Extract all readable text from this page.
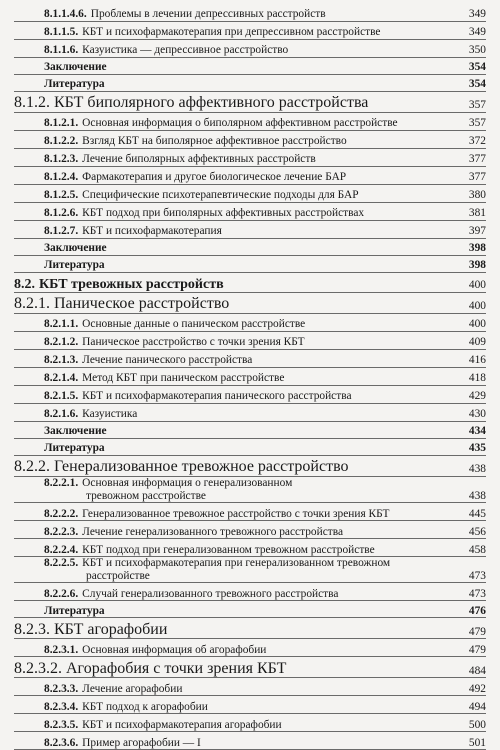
8.1.1.4.6. Проблемы в лечении депрессивных расстройств	349
8.1.1.5. КБТ и психофармакотерапия при депрессивном расстройстве	349
8.1.1.6. Казуистика — депрессивное расстройство	350
Заключение	354
Литература	354
8.1.2. КБТ биполярного аффективного расстройства	357
8.1.2.1. Основная информация о биполярном аффективном расстройстве	357
8.1.2.2. Взгляд КБТ на биполярное аффективное расстройство	372
8.1.2.3. Лечение биполярных аффективных расстройств	377
8.1.2.4. Фармакотерапия и другое биологическое лечение БАР	377
8.1.2.5. Специфические психотерапевтические подходы для БАР	380
8.1.2.6. КБТ подход при биполярных аффективных расстройствах	381
8.1.2.7. КБТ и психофармакотерапия	397
Заключение	398
Литература	398
8.2. КБТ тревожных расстройств	400
8.2.1. Паническое расстройство	400
8.2.1.1. Основные данные о паническом расстройстве	400
8.2.1.2. Паническое расстройство с точки зрения КБТ	409
8.2.1.3. Лечение панического расстройства	416
8.2.1.4. Метод КБТ при паническом расстройстве	418
8.2.1.5. КБТ и психофармакотерапия панического расстройства	429
8.2.1.6. Казуистика	430
Заключение	434
Литература	435
8.2.2. Генерализованное тревожное расстройство	438
8.2.2.1. Основная информация о генерализованном
тревожном расстройстве	438
8.2.2.2. Генерализованное тревожное расстройство с точки зрения КБТ	445
8.2.2.3. Лечение генерализованного тревожного расстройства	456
8.2.2.4. КБТ подход при генерализованном тревожном расстройстве	458
8.2.2.5. КБТ и психофармакотерапия при генерализованном тревожном
расстройстве	473
8.2.2.6. Случай генерализованного тревожного расстройства	473
Литература	476
8.2.3. КБТ агорафобии	479
8.2.3.1. Основная информация об агорафобии	479
8.2.3.2. Агорафобия с точки зрения КБТ	484
8.2.3.3. Лечение агорафобии	492
8.2.3.4. КБТ подход к агорафобии	494
8.2.3.5. КБТ и психофармакотерапия агорафобии	500
8.2.3.6. Пример агорафобии — I	501
